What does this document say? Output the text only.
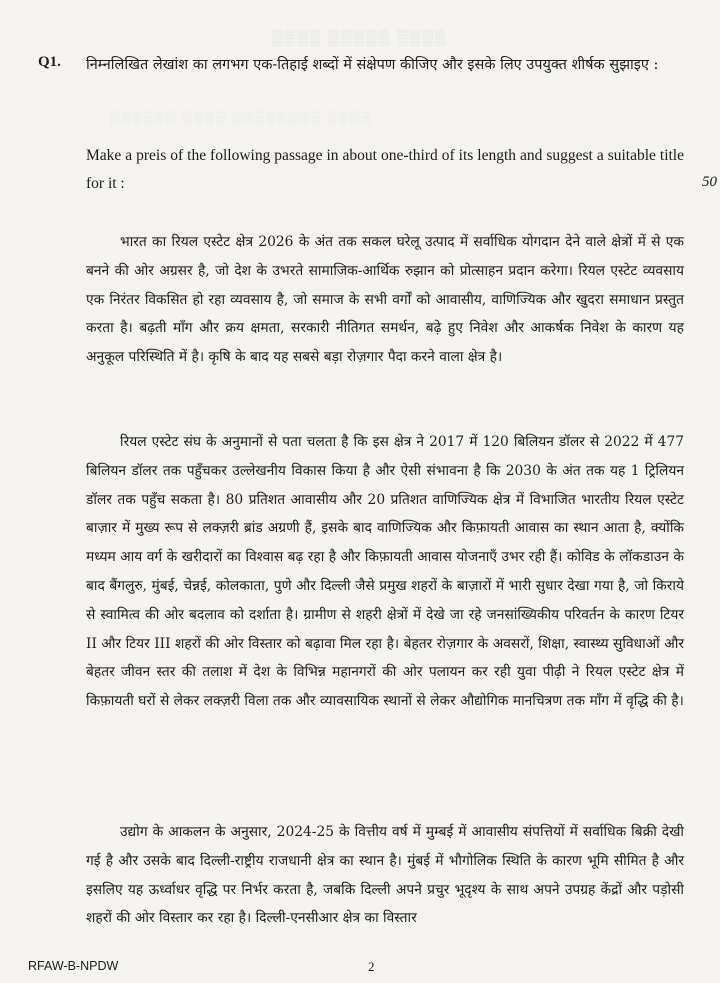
▒▒▒▒ ▒▒▒▒▒ ▒▒▒▒
▒▒▒▒▒▒ ▒▒▒▒ ▒▒▒▒▒▒▒▒ ▒▒▒▒
Q1. निम्नलिखित लेखांश का लगभग एक-तिहाई शब्दों में संक्षेपण कीजिए और इसके लिए उपयुक्त शीर्षक सुझाइए :
Make a preis of the following passage in about one-third of its length and suggest a suitable title for it :	50
भारत का रियल एस्टेट क्षेत्र 2026 के अंत तक सकल घरेलू उत्पाद में सर्वाधिक योगदान देने वाले क्षेत्रों में से एक बनने की ओर अग्रसर है, जो देश के उभरते सामाजिक-आर्थिक रुझान को प्रोत्साहन प्रदान करेगा। रियल एस्टेट व्यवसाय एक निरंतर विकसित हो रहा व्यवसाय है, जो समाज के सभी वर्गों को आवासीय, वाणिज्यिक और खुदरा समाधान प्रस्तुत करता है। बढ़ती माँग और क्रय क्षमता, सरकारी नीतिगत समर्थन, बढ़े हुए निवेश और आकर्षक निवेश के कारण यह अनुकूल परिस्थिति में है। कृषि के बाद यह सबसे बड़ा रोज़गार पैदा करने वाला क्षेत्र है।
रियल एस्टेट संघ के अनुमानों से पता चलता है कि इस क्षेत्र ने 2017 में 120 बिलियन डॉलर से 2022 में 477 बिलियन डॉलर तक पहुँचकर उल्लेखनीय विकास किया है और ऐसी संभावना है कि 2030 के अंत तक यह 1 ट्रिलियन डॉलर तक पहुँच सकता है। 80 प्रतिशत आवासीय और 20 प्रतिशत वाणिज्यिक क्षेत्र में विभाजित भारतीय रियल एस्टेट बाज़ार में मुख्य रूप से लक्ज़री ब्रांड अग्रणी हैं, इसके बाद वाणिज्यिक और किफ़ायती आवास का स्थान आता है, क्योंकि मध्यम आय वर्ग के खरीदारों का विश्वास बढ़ रहा है और किफ़ायती आवास योजनाएँ उभर रही हैं। कोविड के लॉकडाउन के बाद बैंगलुरु, मुंबई, चेन्नई, कोलकाता, पुणे और दिल्ली जैसे प्रमुख शहरों के बाज़ारों में भारी सुधार देखा गया है, जो किराये से स्वामित्व की ओर बदलाव को दर्शाता है। ग्रामीण से शहरी क्षेत्रों में देखे जा रहे जनसांख्यिकीय परिवर्तन के कारण टियर II और टियर III शहरों की ओर विस्तार को बढ़ावा मिल रहा है। बेहतर रोज़गार के अवसरों, शिक्षा, स्वास्थ्य सुविधाओं और बेहतर जीवन स्तर की तलाश में देश के विभिन्न महानगरों की ओर पलायन कर रही युवा पीढ़ी ने रियल एस्टेट क्षेत्र में किफ़ायती घरों से लेकर लक्ज़री विला तक और व्यावसायिक स्थानों से लेकर औद्योगिक मानचित्रण तक माँग में वृद्धि की है।
उद्योग के आकलन के अनुसार, 2024-25 के वित्तीय वर्ष में मुम्बई में आवासीय संपत्तियों में सर्वाधिक बिक्री देखी गई है और उसके बाद दिल्ली-राष्ट्रीय राजधानी क्षेत्र का स्थान है। मुंबई में भौगोलिक स्थिति के कारण भूमि सीमित है और इसलिए यह ऊर्ध्वाधर वृद्धि पर निर्भर करता है, जबकि दिल्ली अपने प्रचुर भूदृश्य के साथ अपने उपग्रह केंद्रों और पड़ोसी शहरों की ओर विस्तार कर रहा है। दिल्ली-एनसीआर क्षेत्र का विस्तार
RFAW-B-NPDW	2
